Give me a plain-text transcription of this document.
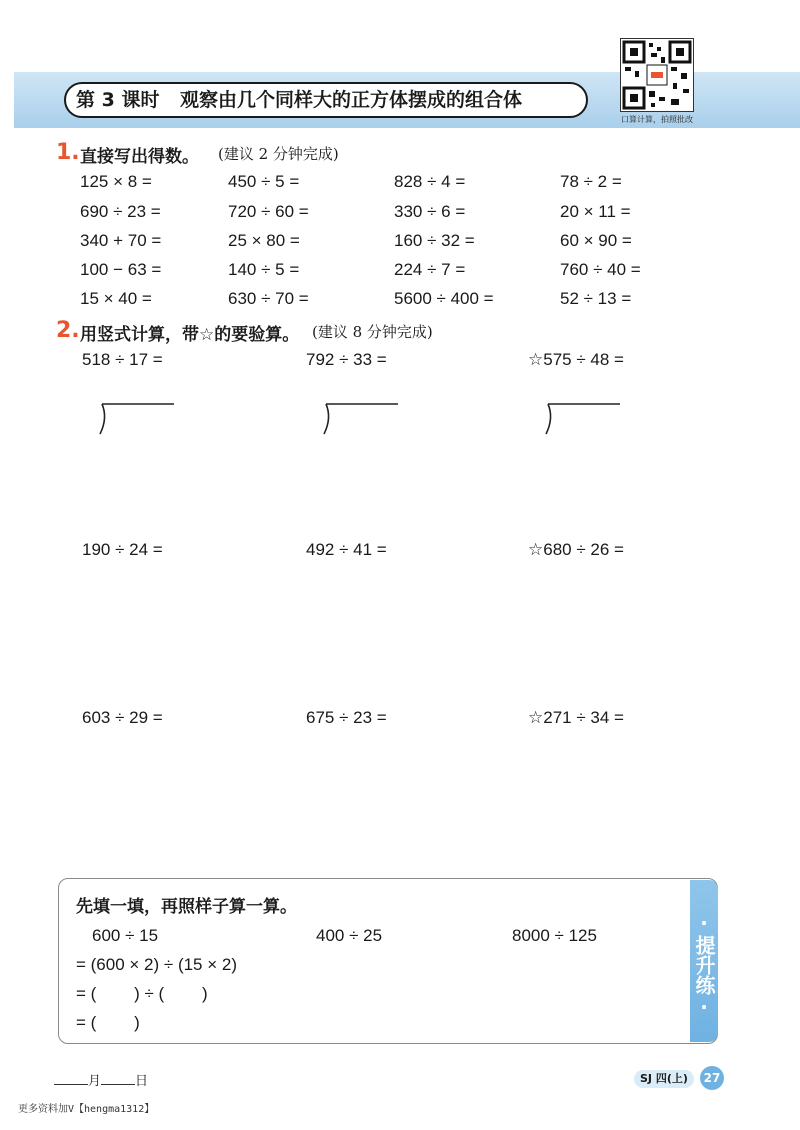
第 3 课时 观察由几个同样大的正方体摆成的组合体
口算计算，拍照批改
1. 直接写出得数。 (建议 2 分钟完成)
125 × 8 =	450 ÷ 5 =	828 ÷ 4 =	78 ÷ 2 =
690 ÷ 23 =	720 ÷ 60 =	330 ÷ 6 =	20 × 11 =
340 + 70 =	25 × 80 =	160 ÷ 32 =	60 × 90 =
100 − 63 =	140 ÷ 5 =	224 ÷ 7 =	760 ÷ 40 =
15 × 40 =	630 ÷ 70 =	5600 ÷ 400 =	52 ÷ 13 =
2. 用竖式计算，带☆的要验算。 (建议 8 分钟完成)
518 ÷ 17 =	792 ÷ 33 =	☆575 ÷ 48 =
190 ÷ 24 =	492 ÷ 41 =	☆680 ÷ 26 =
603 ÷ 29 =	675 ÷ 23 =	☆271 ÷ 34 =
·提升练·
先填一填，再照样子算一算。
600 ÷ 15	400 ÷ 25	8000 ÷ 125
= (600 × 2) ÷ (15 × 2)
= (        ) ÷ (        )
= (        )
月	日	SJ 四(上)	27
更多资料加V【hengma1312】
